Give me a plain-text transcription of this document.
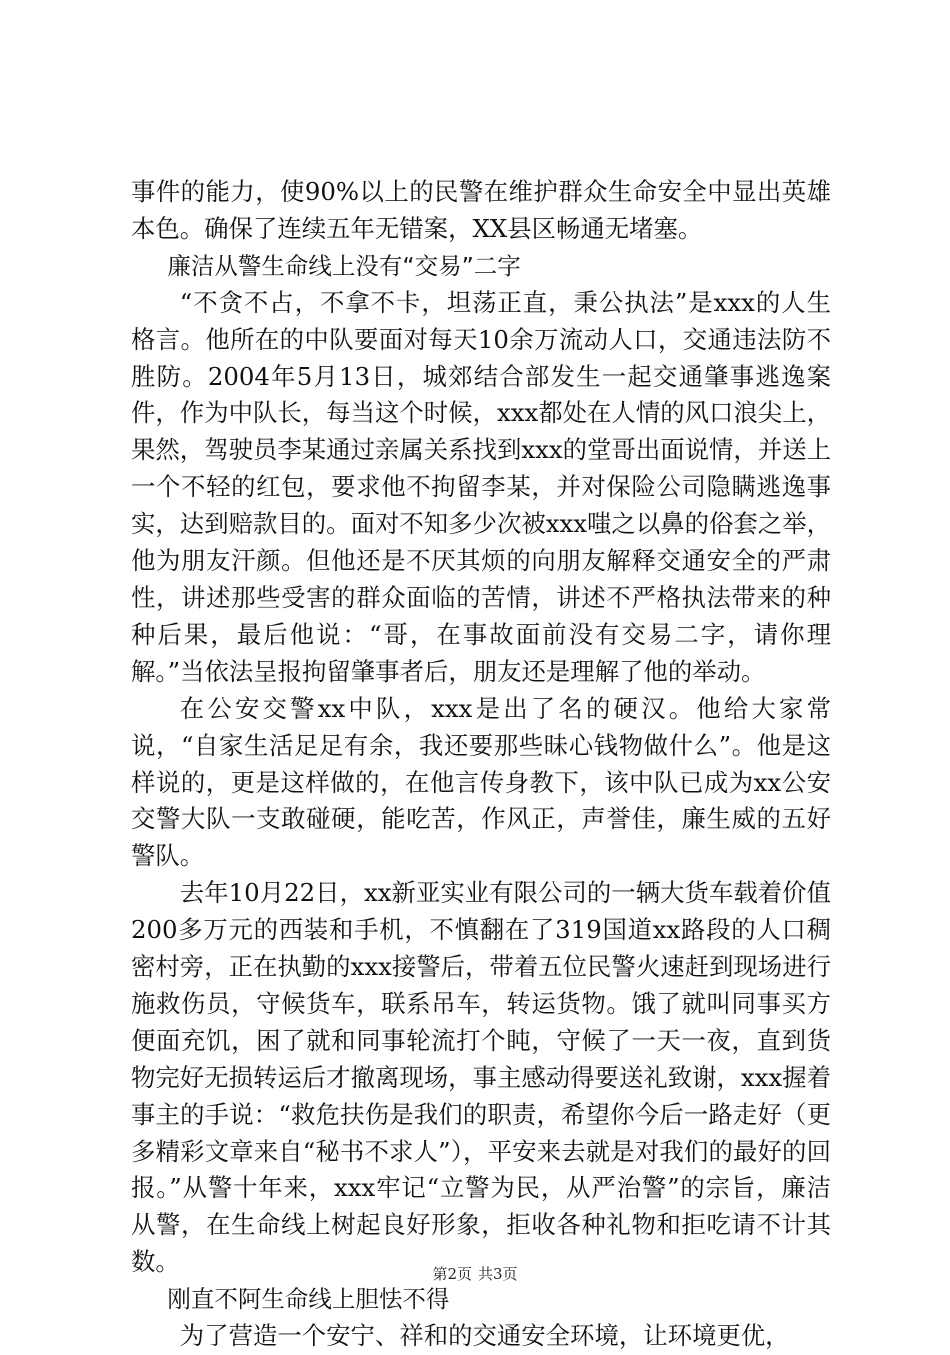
事件的能力，使90%以上的民警在维护群众生命安全中显出英雄本色。确保了连续五年无错案，XX县区畅通无堵塞。

廉洁从警生命线上没有“交易”二字

“不贪不占，不拿不卡，坦荡正直，秉公执法”是xxx的人生格言。他所在的中队要面对每天10余万流动人口，交通违法防不胜防。2004年5月13日，城郊结合部发生一起交通肇事逃逸案件，作为中队长，每当这个时候，xxx都处在人情的风口浪尖上，果然，驾驶员李某通过亲属关系找到xxx的堂哥出面说情，并送上一个不轻的红包，要求他不拘留李某，并对保险公司隐瞒逃逸事实，达到赔款目的。面对不知多少次被xxx嗤之以鼻的俗套之举，他为朋友汗颜。但他还是不厌其烦的向朋友解释交通安全的严肃性，讲述那些受害的群众面临的苦情，讲述不严格执法带来的种种后果，最后他说：“哥，在事故面前没有交易二字，请你理解。”当依法呈报拘留肇事者后，朋友还是理解了他的举动。

在公安交警xx中队，xxx是出了名的硬汉。他给大家常说，“自家生活足足有余，我还要那些昧心钱物做什么”。他是这样说的，更是这样做的，在他言传身教下，该中队已成为xx公安交警大队一支敢碰硬，能吃苦，作风正，声誉佳，廉生威的五好警队。

去年10月22日，xx新亚实业有限公司的一辆大货车载着价值200多万元的西装和手机，不慎翻在了319国道xx路段的人口稠密村旁，正在执勤的xxx接警后，带着五位民警火速赶到现场进行施救伤员，守候货车，联系吊车，转运货物。饿了就叫同事买方便面充饥，困了就和同事轮流打个盹，守候了一天一夜，直到货物完好无损转运后才撤离现场，事主感动得要送礼致谢，xxx握着事主的手说：“救危扶伤是我们的职责，希望你今后一路走好（更多精彩文章来自“秘书不求人”），平安来去就是对我们的最好的回报。”从警十年来，xxx牢记“立警为民，从严治警”的宗旨，廉洁从警，在生命线上树起良好形象，拒收各种礼物和拒吃请不计其数。

刚直不阿生命线上胆怯不得

为了营造一个安宁、祥和的交通安全环境，让环境更优，

第2页 共3页
